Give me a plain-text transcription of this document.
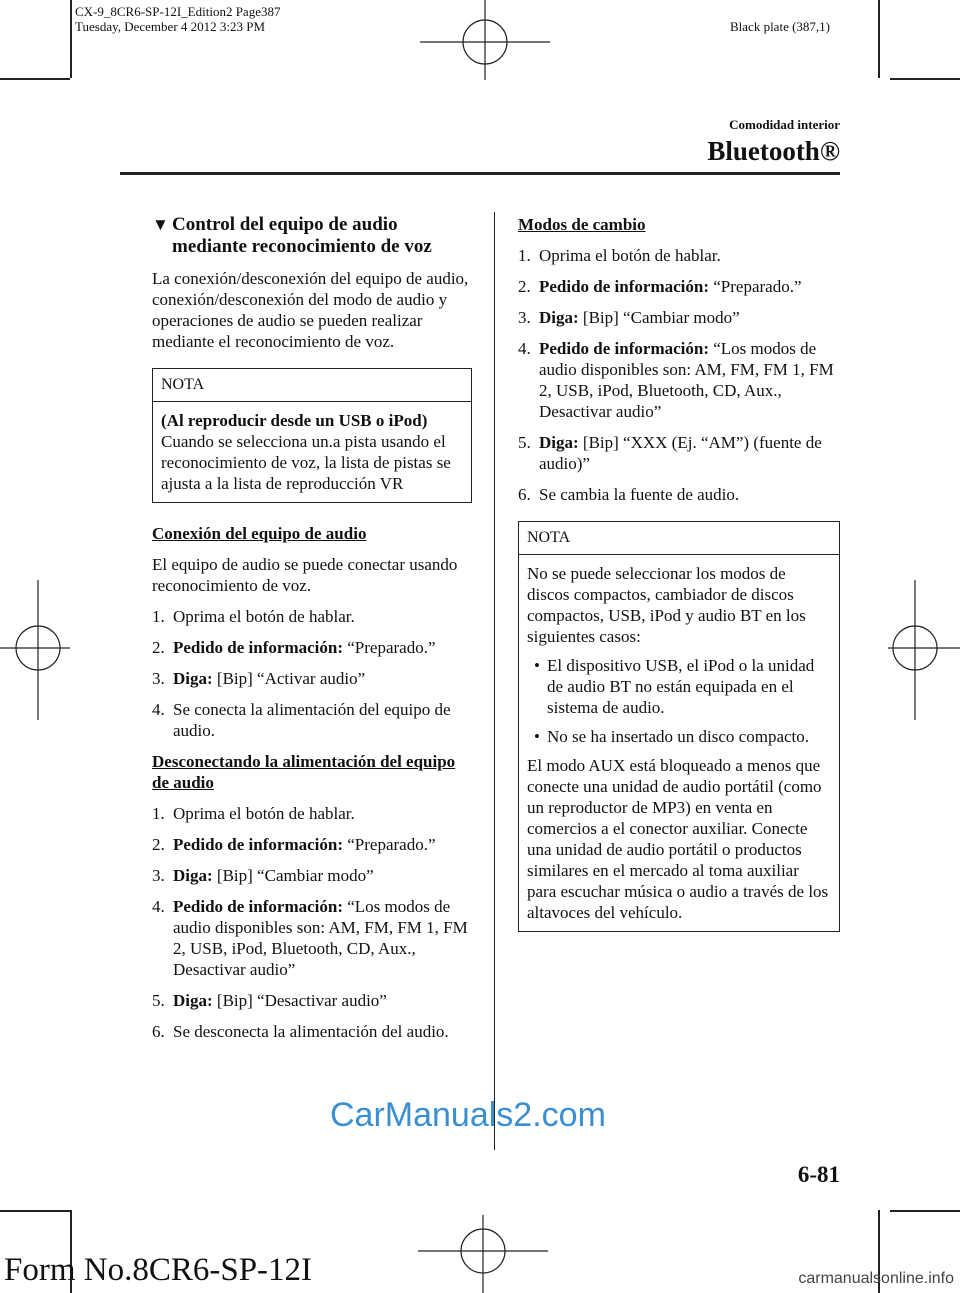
CX-9_8CR6-SP-12I_Edition2 Page387
Tuesday, December 4 2012 3:23 PM	Black plate (387,1)
Comodidad interior
Bluetooth®
▼ Control del equipo de audio mediante reconocimiento de voz

La conexión/desconexión del equipo de audio, conexión/desconexión del modo de audio y operaciones de audio se pueden realizar mediante el reconocimiento de voz.

NOTA
(Al reproducir desde un USB o iPod)
Cuando se selecciona un.a pista usando el reconocimiento de voz, la lista de pistas se ajusta a la lista de reproducción VR
Conexión del equipo de audio

El equipo de audio se puede conectar usando reconocimiento de voz.

1. Oprima el botón de hablar.
2. Pedido de información: “Preparado.”
3. Diga: [Bip] “Activar audio”
4. Se conecta la alimentación del equipo de audio.
Desconectando la alimentación del equipo de audio
1. Oprima el botón de hablar.
2. Pedido de información: “Preparado.”
3. Diga: [Bip] “Cambiar modo”
4. Pedido de información: “Los modos de audio disponibles son: AM, FM, FM 1, FM 2, USB, iPod, Bluetooth, CD, Aux., Desactivar audio”
5. Diga: [Bip] “Desactivar audio”
6. Se desconecta la alimentación del audio.
Modos de cambio
1. Oprima el botón de hablar.
2. Pedido de información: “Preparado.”
3. Diga: [Bip] “Cambiar modo”
4. Pedido de información: “Los modos de audio disponibles son: AM, FM, FM 1, FM 2, USB, iPod, Bluetooth, CD, Aux., Desactivar audio”
5. Diga: [Bip] “XXX (Ej. “AM”) (fuente de audio)”
6. Se cambia la fuente de audio.
NOTA

No se puede seleccionar los modos de discos compactos, cambiador de discos compactos, USB, iPod y audio BT en los siguientes casos:

• El dispositivo USB, el iPod o la unidad de audio BT no están equipada en el sistema de audio.
• No se ha insertado un disco compacto.

El modo AUX está bloqueado a menos que conecte una unidad de audio portátil (como un reproductor de MP3) en venta en comercios a el conector auxiliar. Conecte una unidad de audio portátil o productos similares en el mercado al toma auxiliar para escuchar música o audio a través de los altavoces del vehículo.

6-81
CarManuals2.com
Form No.8CR6-SP-12I	carmanualsonline.info
